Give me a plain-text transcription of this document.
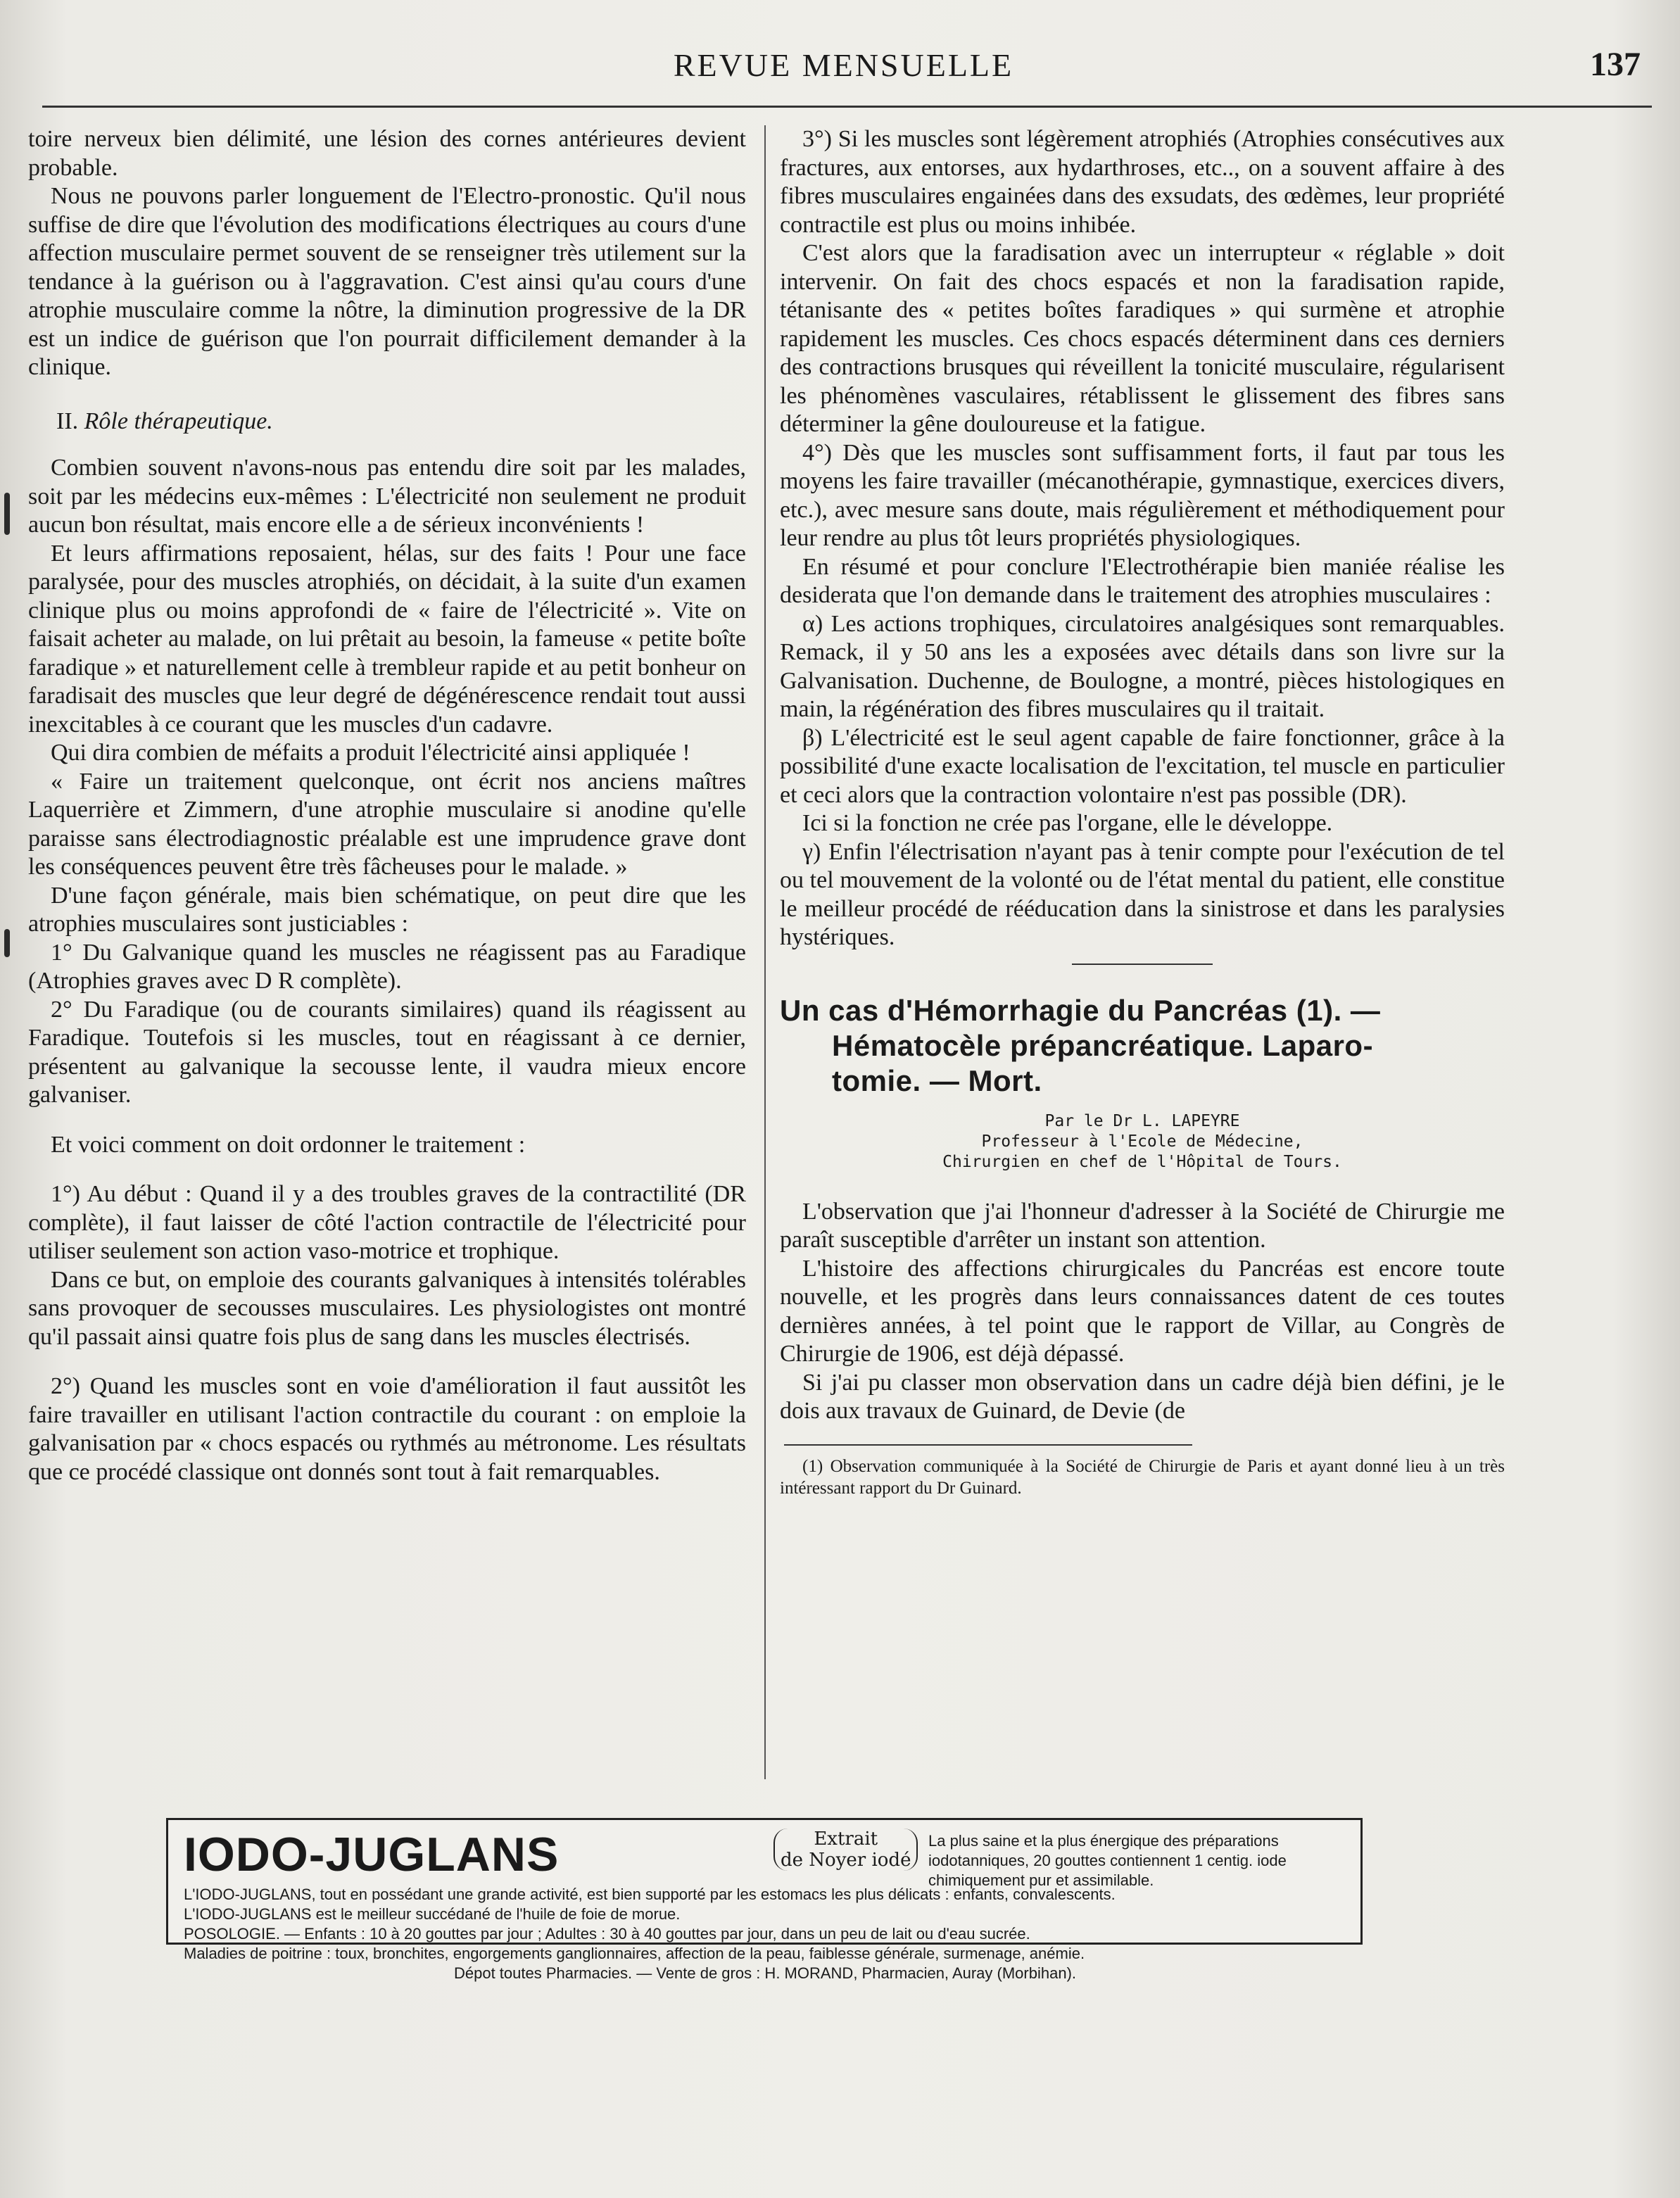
REVUE MENSUELLE	137

toire nerveux bien délimité, une lésion des cornes antérieures devient probable.

Nous ne pouvons parler longuement de l'Electro-pronostic. Qu'il nous suffise de dire que l'évolution des modifications électriques au cours d'une affection musculaire permet souvent de se renseigner très utilement sur la tendance à la guérison ou à l'aggravation. C'est ainsi qu'au cours d'une atrophie musculaire comme la nôtre, la diminution progressive de la DR est un indice de guérison que l'on pourrait difficilement demander à la clinique.

II. Rôle thérapeutique.

Combien souvent n'avons-nous pas entendu dire soit par les malades, soit par les médecins eux-mêmes : L'électricité non seulement ne produit aucun bon résultat, mais encore elle a de sérieux inconvénients !

Et leurs affirmations reposaient, hélas, sur des faits ! Pour une face paralysée, pour des muscles atrophiés, on décidait, à la suite d'un examen clinique plus ou moins approfondi de « faire de l'électricité ». Vite on faisait acheter au malade, on lui prêtait au besoin, la fameuse « petite boîte faradique » et naturellement celle à trembleur rapide et au petit bonheur on faradisait des muscles que leur degré de dégénérescence rendait tout aussi inexcitables à ce courant que les muscles d'un cadavre.

Qui dira combien de méfaits a produit l'électricité ainsi appliquée !

« Faire un traitement quelconque, ont écrit nos anciens maîtres Laquerrière et Zimmern, d'une atrophie musculaire si anodine qu'elle paraisse sans électrodiagnostic préalable est une imprudence grave dont les conséquences peuvent être très fâcheuses pour le malade. »

D'une façon générale, mais bien schématique, on peut dire que les atrophies musculaires sont justiciables :

1° Du Galvanique quand les muscles ne réagissent pas au Faradique (Atrophies graves avec D R complète).

2° Du Faradique (ou de courants similaires) quand ils réagissent au Faradique. Toutefois si les muscles, tout en réagissant à ce dernier, présentent au galvanique la secousse lente, il vaudra mieux encore galvaniser.

Et voici comment on doit ordonner le traitement :

1°) Au début : Quand il y a des troubles graves de la contractilité (DR complète), il faut laisser de côté l'action contractile de l'électricité pour utiliser seulement son action vaso-motrice et trophique.

Dans ce but, on emploie des courants galvaniques à intensités tolérables sans provoquer de secousses musculaires. Les physiologistes ont montré qu'il passait ainsi quatre fois plus de sang dans les muscles électrisés.

2°) Quand les muscles sont en voie d'amélioration il faut aussitôt les faire travailler en utilisant l'action contractile du courant : on emploie la galvanisation par « chocs espacés ou rythmés au métronome. Les résultats que ce procédé classique ont donnés sont tout à fait remarquables.

3°) Si les muscles sont légèrement atrophiés (Atrophies consécutives aux fractures, aux entorses, aux hydarthroses, etc.., on a souvent affaire à des fibres musculaires engainées dans des exsudats, des œdèmes, leur propriété contractile est plus ou moins inhibée.

C'est alors que la faradisation avec un interrupteur « réglable » doit intervenir. On fait des chocs espacés et non la faradisation rapide, tétanisante des « petites boîtes faradiques » qui surmène et atrophie rapidement les muscles. Ces chocs espacés déterminent dans ces derniers des contractions brusques qui réveillent la tonicité musculaire, régularisent les phénomènes vasculaires, rétablissent le glissement des fibres sans déterminer la gêne douloureuse et la fatigue.

4°) Dès que les muscles sont suffisamment forts, il faut par tous les moyens les faire travailler (mécanothérapie, gymnastique, exercices divers, etc.), avec mesure sans doute, mais régulièrement et méthodiquement pour leur rendre au plus tôt leurs propriétés physiologiques.

En résumé et pour conclure l'Electrothérapie bien maniée réalise les desiderata que l'on demande dans le traitement des atrophies musculaires :

α) Les actions trophiques, circulatoires analgésiques sont remarquables. Remack, il y 50 ans les a exposées avec détails dans son livre sur la Galvanisation. Duchenne, de Boulogne, a montré, pièces histologiques en main, la régénération des fibres musculaires qu il traitait.

β) L'électricité est le seul agent capable de faire fonctionner, grâce à la possibilité d'une exacte localisation de l'excitation, tel muscle en particulier et ceci alors que la contraction volontaire n'est pas possible (DR).

Ici si la fonction ne crée pas l'organe, elle le développe.

γ) Enfin l'électrisation n'ayant pas à tenir compte pour l'exécution de tel ou tel mouvement de la volonté ou de l'état mental du patient, elle constitue le meilleur procédé de rééducation dans la sinistrose et dans les paralysies hystériques.

Un cas d'Hémorrhagie du Pancréas (1). —
Hématocèle prépancréatique. Laparo-
tomie. — Mort.
Par le Dr L. LAPEYRE
Professeur à l'Ecole de Médecine,
Chirurgien en chef de l'Hôpital de Tours.

L'observation que j'ai l'honneur d'adresser à la Société de Chirurgie me paraît susceptible d'arrêter un instant son attention.

L'histoire des affections chirurgicales du Pancréas est encore toute nouvelle, et les progrès dans leurs connaissances datent de ces toutes dernières années, à tel point que le rapport de Villar, au Congrès de Chirurgie de 1906, est déjà dépassé.

Si j'ai pu classer mon observation dans un cadre déjà bien défini, je le dois aux travaux de Guinard, de Devie (de

(1) Observation communiquée à la Société de Chirurgie de Paris et ayant donné lieu à un très intéressant rapport du Dr Guinard.

IODO-JUGLANS	Extrait
de Noyer iodé
La plus saine et la plus énergique des préparations iodotanniques, 20 gouttes contiennent 1 centig. iode chimiquement pur et assimilable.

L'IODO-JUGLANS, tout en possédant une grande activité, est bien supporté par les estomacs les plus délicats : enfants, convalescents.

L'IODO-JUGLANS est le meilleur succédané de l'huile de foie de morue.

POSOLOGIE. — Enfants : 10 à 20 gouttes par jour ; Adultes : 30 à 40 gouttes par jour, dans un peu de lait ou d'eau sucrée.

Maladies de poitrine : toux, bronchites, engorgements ganglionnaires, affection de la peau, faiblesse générale, surmenage, anémie.

Dépot toutes Pharmacies. — Vente de gros : H. MORAND, Pharmacien, Auray (Morbihan).
